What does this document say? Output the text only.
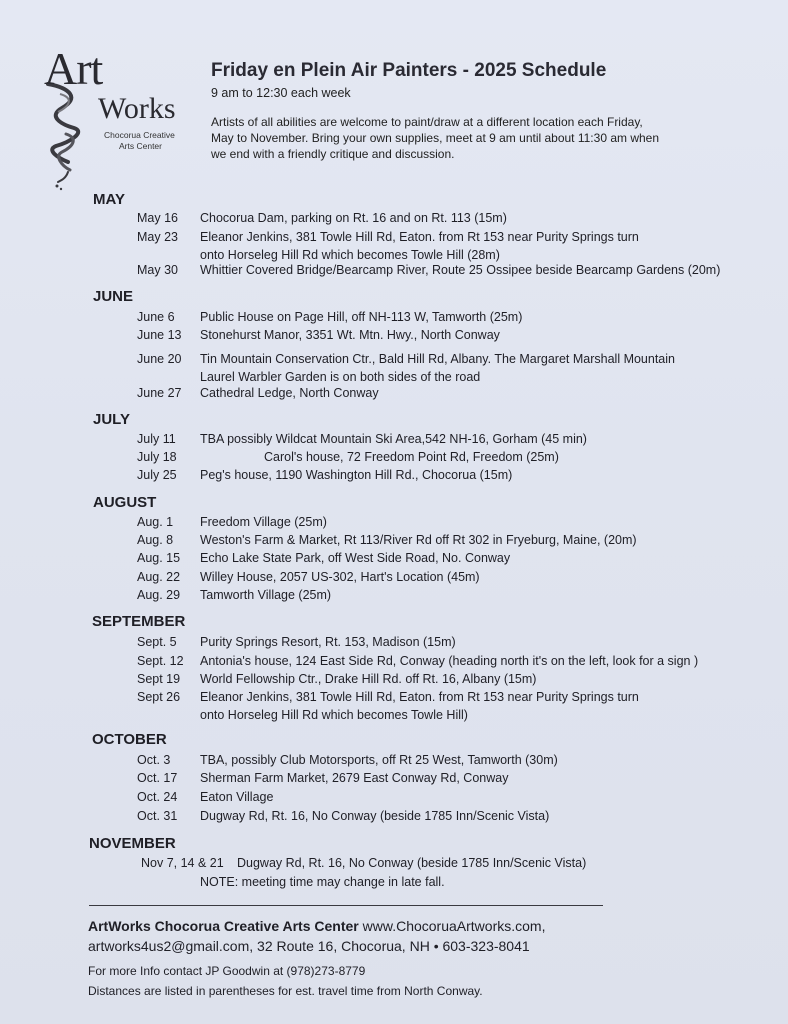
Art
Works
Chocorua Creative
Arts Center
Friday en Plein Air Painters - 2025 Schedule
9 am to 12:30 each week
Artists of all abilities are welcome to paint/draw at a different location each Friday,
May to November. Bring your own supplies, meet at 9 am until about 11:30 am when
we end with a friendly critique and discussion.
MAY
May 16 Chocorua Dam, parking on Rt. 16 and on Rt. 113 (15m)
May 23 Eleanor Jenkins, 381 Towle Hill Rd, Eaton. from Rt 153 near Purity Springs turn
onto Horseleg Hill Rd which becomes Towle Hill (28m)
May 30 Whittier Covered Bridge/Bearcamp River, Route 25 Ossipee beside Bearcamp Gardens (20m)
JUNE
June 6 Public House on Page Hill, off NH-113 W, Tamworth (25m)
June 13 Stonehurst Manor, 3351 Wt. Mtn. Hwy., North Conway
June 20 Tin Mountain Conservation Ctr., Bald Hill Rd, Albany. The Margaret Marshall Mountain
Laurel Warbler Garden is on both sides of the road
June 27 Cathedral Ledge, North Conway
JULY
July 11 TBA possibly Wildcat Mountain Ski Area,542 NH-16, Gorham (45 min)
July 18	Carol's house, 72 Freedom Point Rd, Freedom (25m)
July 25 Peg's house, 1190 Washington Hill Rd., Chocorua (15m)
AUGUST
Aug. 1 Freedom Village (25m)
Aug. 8 Weston's Farm & Market, Rt 113/River Rd off Rt 302 in Fryeburg, Maine, (20m)
Aug. 15 Echo Lake State Park, off West Side Road, No. Conway
Aug. 22 Willey House, 2057 US-302, Hart's Location (45m)
Aug. 29 Tamworth Village (25m)
SEPTEMBER
Sept. 5 Purity Springs Resort, Rt. 153, Madison (15m)
Sept. 12 Antonia's house, 124 East Side Rd, Conway (heading north it's on the left, look for a sign )
Sept 19 World Fellowship Ctr., Drake Hill Rd. off Rt. 16, Albany (15m)
Sept 26 Eleanor Jenkins, 381 Towle Hill Rd, Eaton. from Rt 153 near Purity Springs turn
onto Horseleg Hill Rd which becomes Towle Hill)
OCTOBER
Oct. 3 TBA, possibly Club Motorsports, off Rt 25 West, Tamworth (30m)
Oct. 17 Sherman Farm Market, 2679 East Conway Rd, Conway
Oct. 24 Eaton Village
Oct. 31 Dugway Rd, Rt. 16, No Conway (beside 1785 Inn/Scenic Vista)
NOVEMBER
Nov 7, 14 & 21 Dugway Rd, Rt. 16, No Conway (beside 1785 Inn/Scenic Vista)
NOTE: meeting time may change in late fall.
ArtWorks Chocorua Creative Arts Center www.ChocoruaArtworks.com,
artworks4us2@gmail.com, 32 Route 16, Chocorua, NH • 603-323-8041
For more Info contact JP Goodwin at (978)273-8779
Distances are listed in parentheses for est. travel time from North Conway.
